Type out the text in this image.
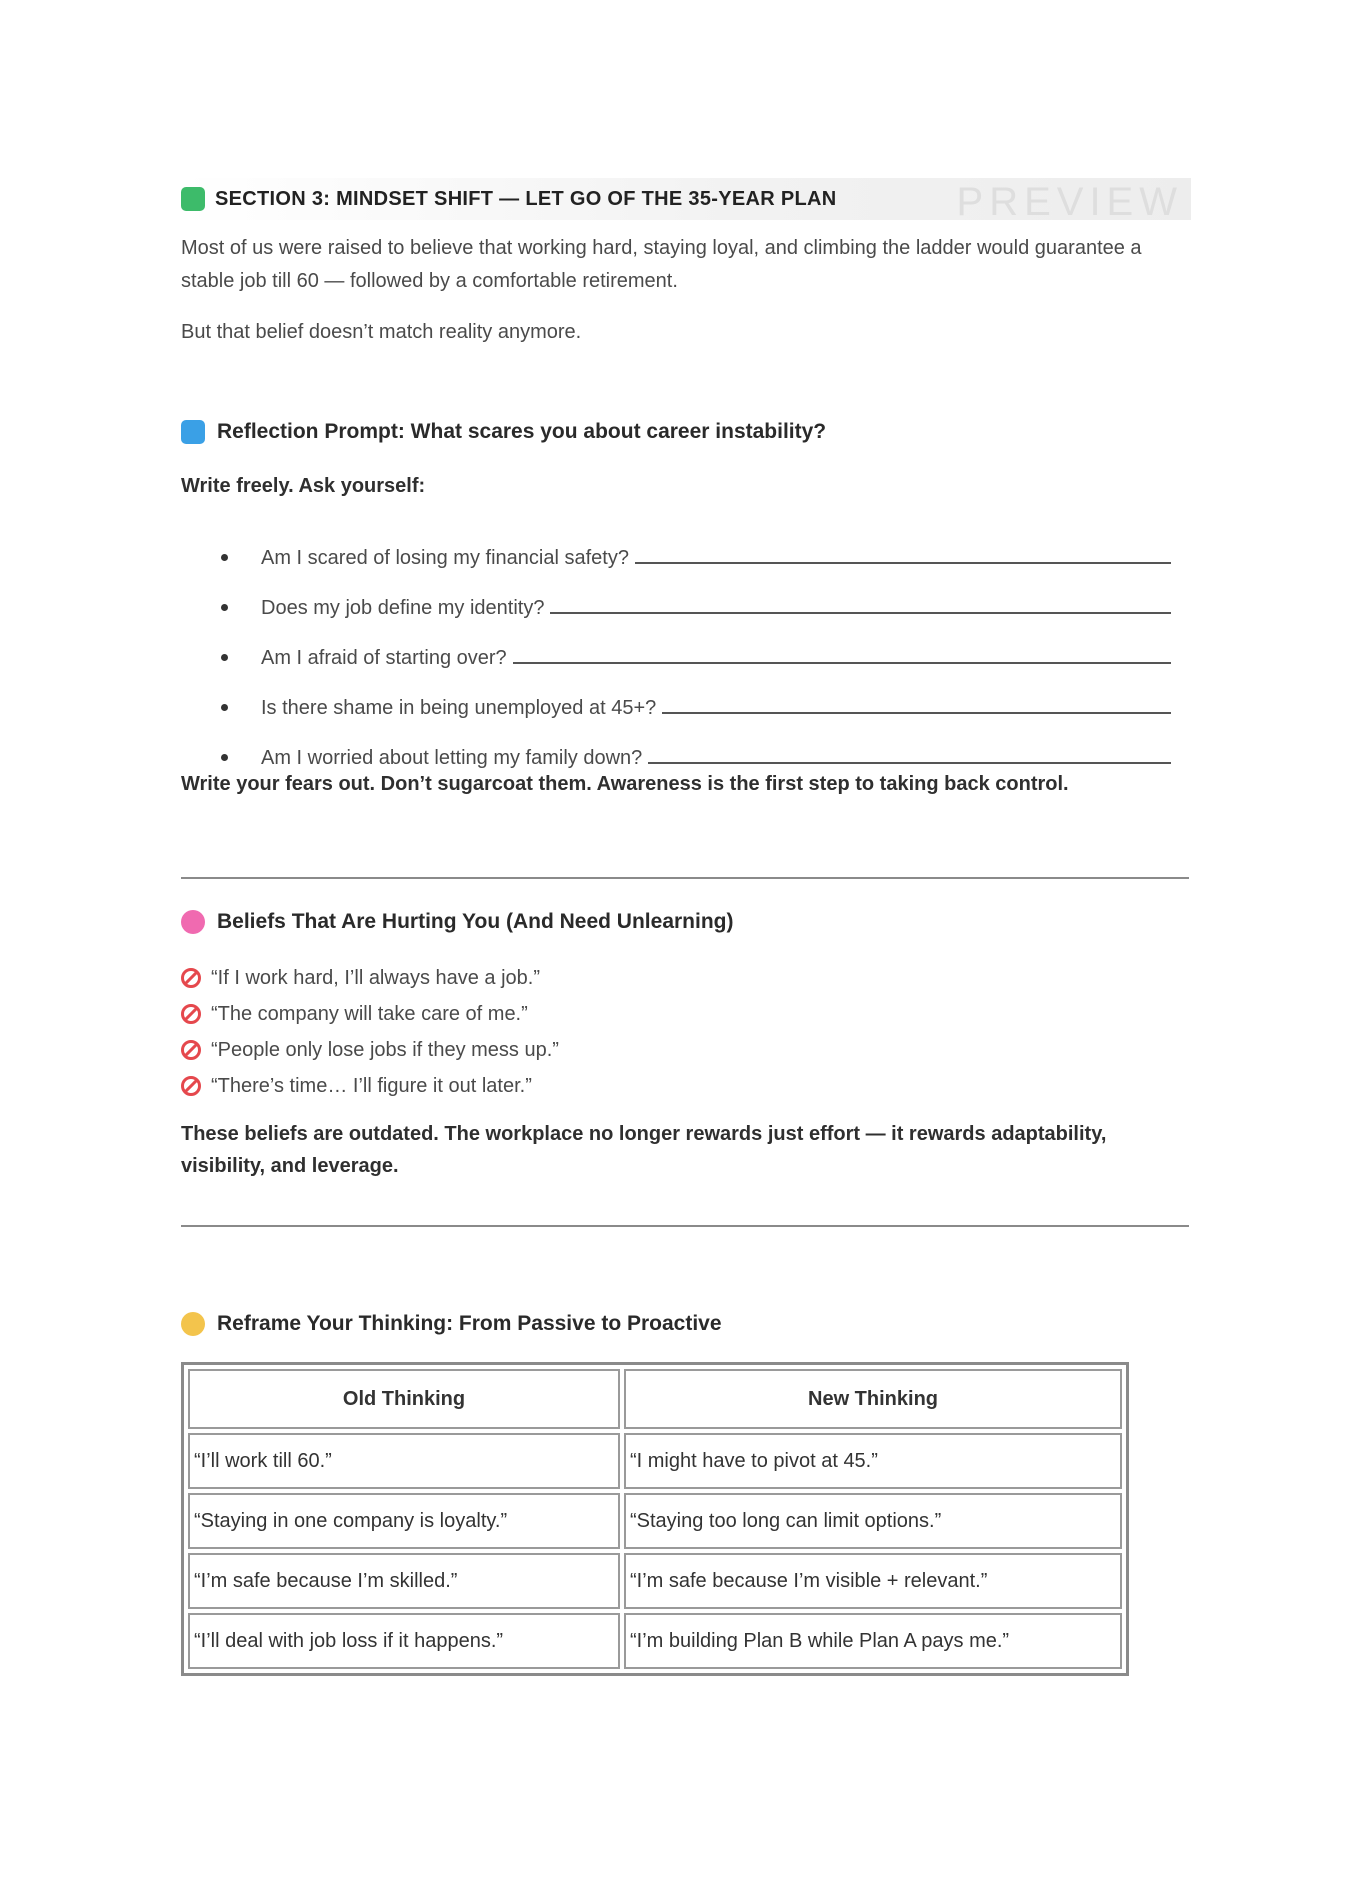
SECTION 3: MINDSET SHIFT — LET GO OF THE 35-YEAR PLAN	PREVIEW
Most of us were raised to believe that working hard, staying loyal, and climbing the ladder would guarantee a stable job till 60 — followed by a comfortable retirement.
But that belief doesn’t match reality anymore.
Reflection Prompt: What scares you about career instability?
Write freely. Ask yourself:
Am I scared of losing my financial safety?
Does my job define my identity?
Am I afraid of starting over?
Is there shame in being unemployed at 45+?
Am I worried about letting my family down?
Write your fears out. Don’t sugarcoat them. Awareness is the first step to taking back control.
Beliefs That Are Hurting You (And Need Unlearning)
“If I work hard, I’ll always have a job.”
“The company will take care of me.”
“People only lose jobs if they mess up.”
“There’s time… I’ll figure it out later.”
These beliefs are outdated. The workplace no longer rewards just effort — it rewards adaptability, visibility, and leverage.
Reframe Your Thinking: From Passive to Proactive
Old Thinking	New Thinking
“I’ll work till 60.”	“I might have to pivot at 45.”
“Staying in one company is loyalty.”	“Staying too long can limit options.”
“I’m safe because I’m skilled.”	“I’m safe because I’m visible + relevant.”
“I’ll deal with job loss if it happens.”	“I’m building Plan B while Plan A pays me.”
